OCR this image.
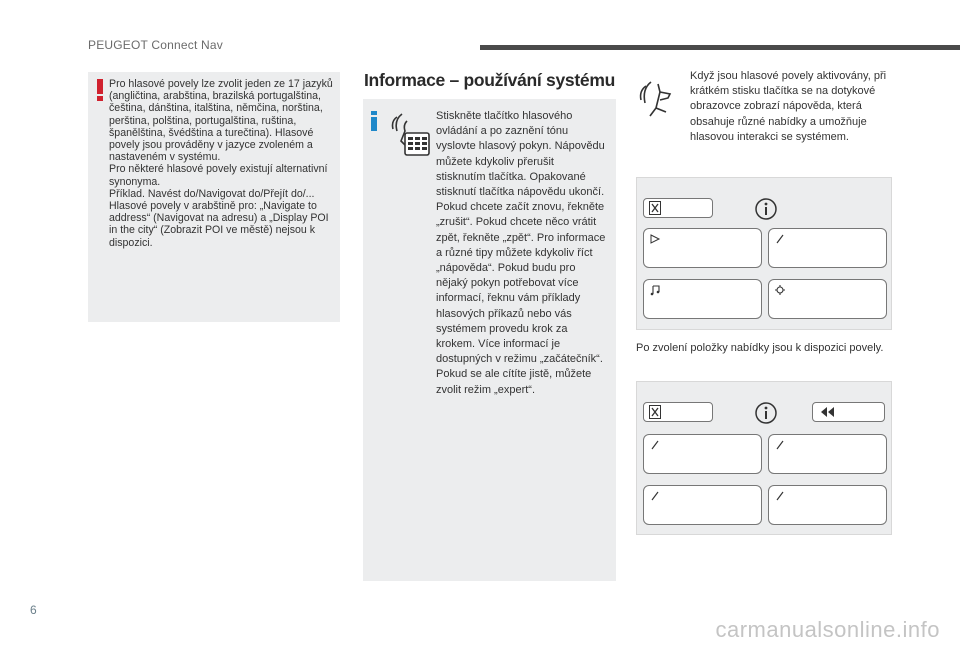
PEUGEOT Connect Nav

Pro hlasové povely lze zvolit jeden ze 17 jazyků (angličtina, arabština, brazilská portugalština, čeština, dánština, italština, němčina, norština, perština, polština, portugalština, ruština, španělština, švédština a turečtina). Hlasové povely jsou prováděny v jazyce zvoleném a nastaveném v systému.
Pro některé hlasové povely existují alternativní synonyma.
Příklad. Navést do/Navigovat do/Přejít do/...
Hlasové povely v arabštině pro: „Navigate to address“ (Navigovat na adresu) a „Display POI in the city“ (Zobrazit POI ve městě) nejsou k dispozici.

Informace – používání systému

Stiskněte tlačítko hlasového ovládání a po zaznění tónu vyslovte hlasový pokyn. Nápovědu můžete kdykoliv přerušit stisknutím tlačítka. Opakované stisknutí tlačítka nápovědu ukončí. Pokud chcete začít znovu, řekněte „zrušit“. Pokud chcete něco vrátit zpět, řekněte „zpět“. Pro informace a různé tipy můžete kdykoliv říct „nápověda“. Pokud budu pro nějaký pokyn potřebovat více informací, řeknu vám příklady hlasových příkazů nebo vás systémem provedu krok za krokem. Více informací je dostupných v režimu „začátečník“. Pokud se ale cítíte jistě, můžete zvolit režim „expert“.

Když jsou hlasové povely aktivovány, při krátkém stisku tlačítka se na dotykové obrazovce zobrazí nápověda, která obsahuje různé nabídky a umožňuje hlasovou interakci se systémem.

Po zvolení položky nabídky jsou k dispozici povely.

6
carmanualsonline.info
